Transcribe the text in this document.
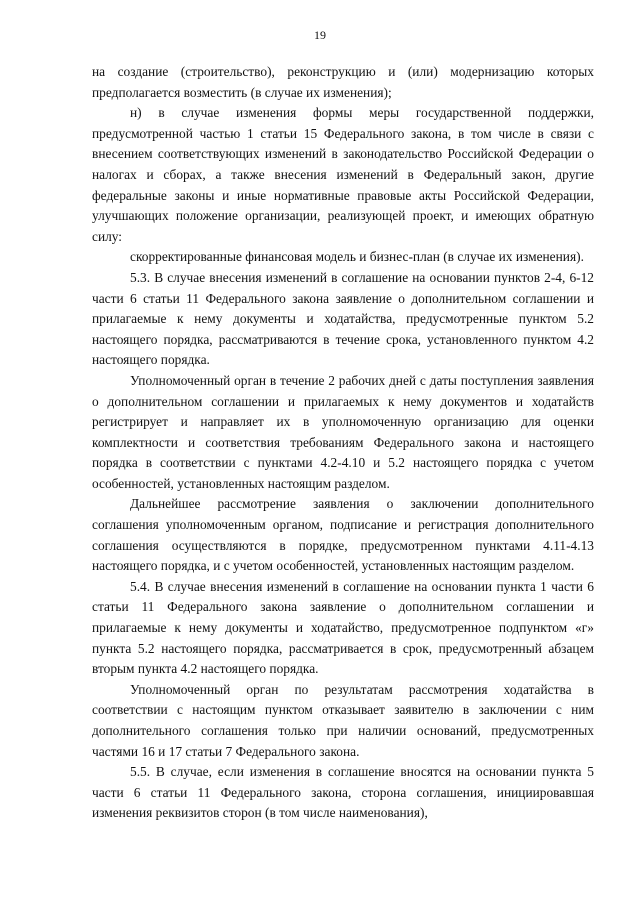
19

на создание (строительство), реконструкцию и (или) модернизацию которых предполагается возместить (в случае их изменения);

н) в случае изменения формы меры государственной поддержки, предусмотренной частью 1 статьи 15 Федерального закона, в том числе в связи с внесением соответствующих изменений в законодательство Российской Федерации о налогах и сборах, а также внесения изменений в Федеральный закон, другие федеральные законы и иные нормативные правовые акты Российской Федерации, улучшающих положение организации, реализующей проект, и имеющих обратную силу:

скорректированные финансовая модель и бизнес-план (в случае их изменения).

5.3. В случае внесения изменений в соглашение на основании пунктов 2-4, 6-12 части 6 статьи 11 Федерального закона заявление о дополнительном соглашении и прилагаемые к нему документы и ходатайства, предусмотренные пунктом 5.2 настоящего порядка, рассматриваются в течение срока, установленного пунктом 4.2 настоящего порядка.

Уполномоченный орган в течение 2 рабочих дней с даты поступления заявления о дополнительном соглашении и прилагаемых к нему документов и ходатайств регистрирует и направляет их в уполномоченную организацию для оценки комплектности и соответствия требованиям Федерального закона и настоящего порядка в соответствии с пунктами 4.2-4.10 и 5.2 настоящего порядка с учетом особенностей, установленных настоящим разделом.

Дальнейшее рассмотрение заявления о заключении дополнительного соглашения уполномоченным органом, подписание и регистрация дополнительного соглашения осуществляются в порядке, предусмотренном пунктами 4.11-4.13 настоящего порядка, и с учетом особенностей, установленных настоящим разделом.

5.4. В случае внесения изменений в соглашение на основании пункта 1 части 6 статьи 11 Федерального закона заявление о дополнительном соглашении и прилагаемые к нему документы и ходатайство, предусмотренное подпунктом «г» пункта 5.2 настоящего порядка, рассматривается в срок, предусмотренный абзацем вторым пункта 4.2 настоящего порядка.

Уполномоченный орган по результатам рассмотрения ходатайства в соответствии с настоящим пунктом отказывает заявителю в заключении с ним дополнительного соглашения только при наличии оснований, предусмотренных частями 16 и 17 статьи 7 Федерального закона.

5.5. В случае, если изменения в соглашение вносятся на основании пункта 5 части 6 статьи 11 Федерального закона, сторона соглашения, инициировавшая изменения реквизитов сторон (в том числе наименования),
